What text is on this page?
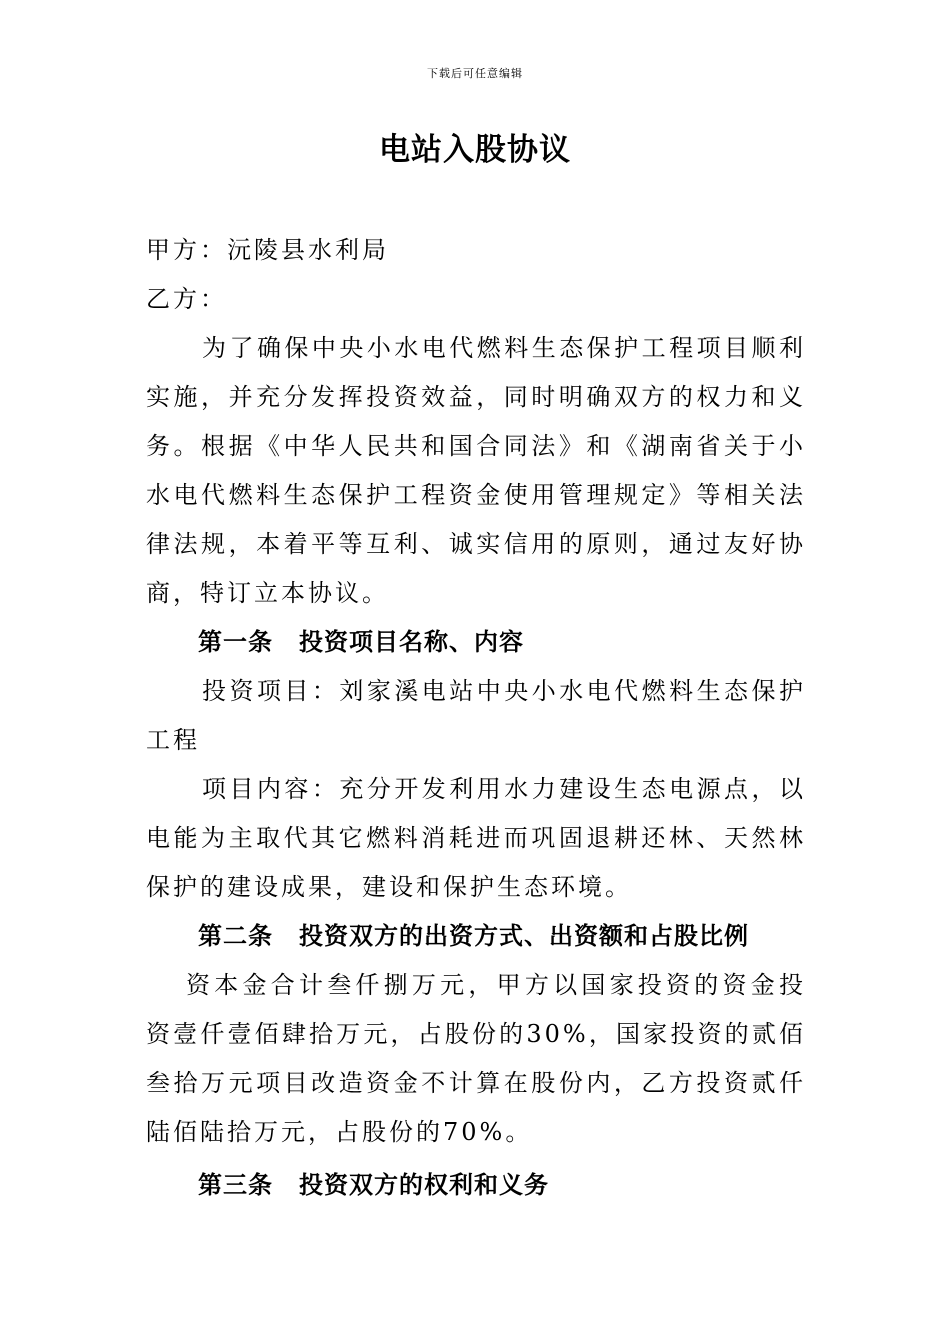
下载后可任意编辑
电站入股协议

甲方：沅陵县水利局

乙方：

为了确保中央小水电代燃料生态保护工程项目顺利实施，并充分发挥投资效益，同时明确双方的权力和义务。根据《中华人民共和国合同法》和《湖南省关于小水电代燃料生态保护工程资金使用管理规定》等相关法律法规，本着平等互利、诚实信用的原则，通过友好协商，特订立本协议。

第一条 投资项目名称、内容

投资项目：刘家溪电站中央小水电代燃料生态保护工程

项目内容：充分开发利用水力建设生态电源点，以电能为主取代其它燃料消耗进而巩固退耕还林、天然林保护的建设成果，建设和保护生态环境。

第二条 投资双方的出资方式、出资额和占股比例

资本金合计叁仟捌万元，甲方以国家投资的资金投资壹仟壹佰肆拾万元，占股份的30%，国家投资的贰佰叁拾万元项目改造资金不计算在股份内，乙方投资贰仟陆佰陆拾万元，占股份的70%。

第三条 投资双方的权利和义务
